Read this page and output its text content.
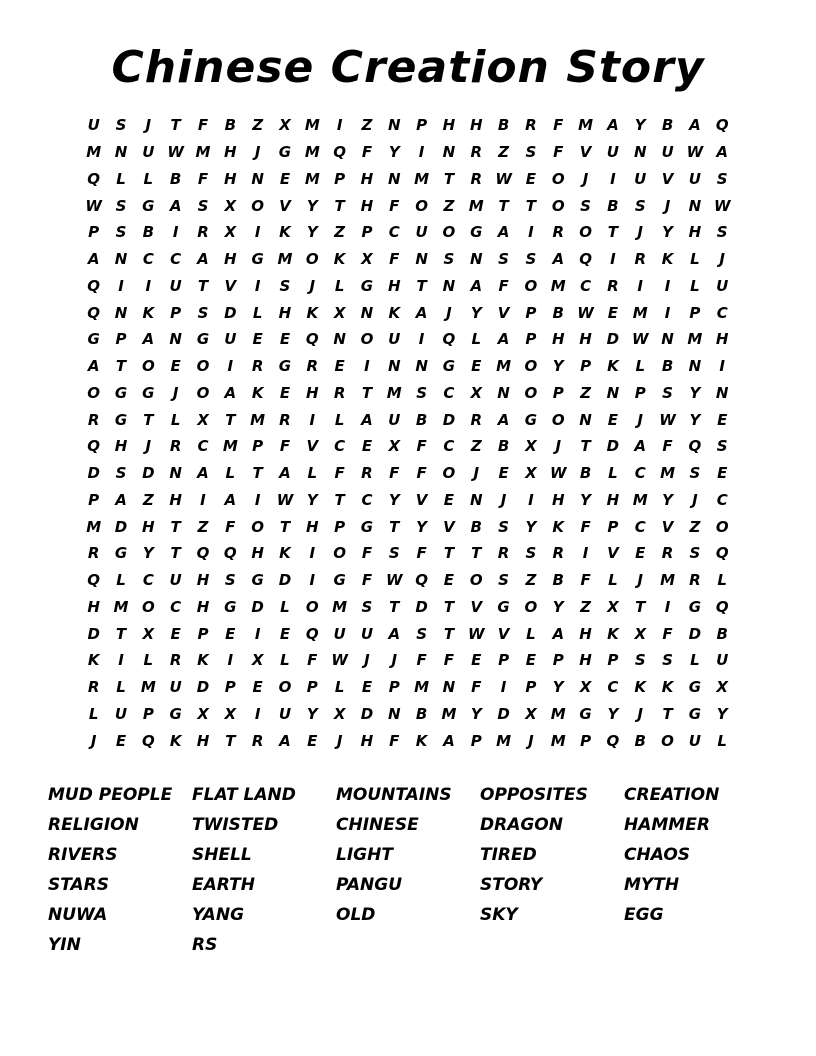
Chinese Creation Story
U	S	J	T	F	B	Z	X M	I	Z	N	P	H H	B	R	F M A	Y	B	A	Q
M N U W M H	J	G M Q	F	Y	I	N	R	Z	S	F	V	U N U W A
Q	L	L	B	F	H N	E M P	H N M T	R W E	O	J	I	U	V	U	S
W S	G	A	S	X	O	V	Y	T	H	F	O	Z M T	T	O	S	B	S	J	N W
P	S	B	I	R	X	I	K	Y	Z	P	C	U O G	A	I	R	O	T	J	Y	H	S
A	N	C	C	A	H G M O	K	X	F	N	S	N	S	S	A	Q	I	R	K	L	J
Q	I	I	U	T	V	I	S	J	L	G H	T	N	A	F	O M C	R	I	I	L	U
Q N	K	P	S	D	L	H	K	X	N	K	A	J	Y	V	P	B W E M	I	P	C
G	P	A	N G	U	E	E	Q N O U	I	Q	L	A	P	H H D W N M H
A	T	O	E	O	I	R	G	R	E	I	N N G	E M O	Y	P	K	L	B	N	I
O G	G	J	O	A	K	E	H	R	T M S	C	X	N O	P	Z	N	P	S	Y	N
R	G	T	L	X	T M R	I	L	A	U	B	D	R	A	G O N	E	J	W Y	E
Q H	J	R	C M P	F	V	C	E	X	F	C	Z	B	X	J	T	D	A	F	Q	S
D	S	D N	A	L	T	A	L	F	R	F	F	O	J	E	X W B	L	C M S	E
P	A	Z	H	I	A	I	W Y	T	C	Y	V	E	N	J	I	H	Y	H M Y	J	C
M D H	T	Z	F	O	T	H	P	G	T	Y	V	B	S	Y	K	F	P	C	V	Z	O
R	G	Y	T	Q Q H	K	I	O	F	S	F	T	T	R	S	R	I	V	E	R	S	Q
Q	L	C	U H	S	G D	I	G	F W Q	E	O	S	Z	B	F	L	J	M R	L
H M O	C	H G D	L	O M S	T	D	T	V	G O	Y	Z	X	T	I	G Q
D	T	X	E	P	E	I	E	Q U	U	A	S	T W V	L	A	H	K	X	F	D	B
K	I	L	R	K	I	X	L	F W	J	J	F	F	E	P	E	P	H	P	S	S	L	U
R	L	M U	D	P	E	O	P	L	E	P M N	F	I	P	Y	X	C	K	K	G	X
L	U	P	G	X	X	I	U	Y	X	D N	B M Y	D	X M G	Y	J	T	G	Y
J	E	Q	K	H	T	R	A	E	J	H	F	K	A	P M	J	M P	Q	B	O U	L
MUD PEOPLE	FLAT LAND	MOUNTAINS	OPPOSITES	CREATION
RELIGION	TWISTED	CHINESE	DRAGON	HAMMER
RIVERS	SHELL	LIGHT	TIRED	CHAOS
STARS	EARTH	PANGU	STORY	MYTH
NUWA	YANG	OLD	SKY	EGG
YIN	RS
